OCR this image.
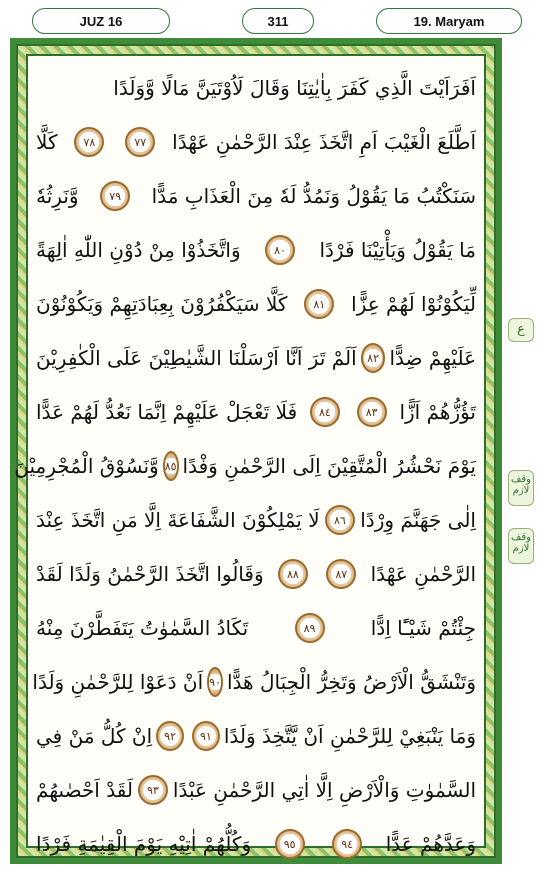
JUZ 16	311	19. Maryam
اَفَرَاَيْتَ الَّذِي كَفَرَ بِاٰيٰتِنَا وَقَالَ لَاُوْتَيَنَّ مَالًا وَّوَلَدًا
اَطَّلَعَ الْغَيْبَ اَمِ اتَّخَذَ عِنْدَ الرَّحْمٰنِ عَهْدًا
٧٧
٧٨
كَلَّا
سَنَكْتُبُ مَا يَقُوْلُ وَنَمُدُّ لَهٗ مِنَ الْعَذَابِ مَدًّا
٧٩
وَّنَرِثُهٗ
مَا يَقُوْلُ وَيَأْتِيْنَا فَرْدًا
٨٠
وَاتَّخَذُوْا مِنْ دُوْنِ اللّٰهِ اٰلِهَةً
لِّيَكُوْنُوْا لَهُمْ عِزًّا
٨١
كَلَّا سَيَكْفُرُوْنَ بِعِبَادَتِهِمْ وَيَكُوْنُوْنَ
عَلَيْهِمْ ضِدًّا
٨٢
اَلَمْ تَرَ اَنَّا اَرْسَلْنَا الشَّيٰطِيْنَ عَلَى الْكٰفِرِيْنَ
تَؤُزُّهُمْ اَزًّا
٨٣
٨٤
فَلَا تَعْجَلْ عَلَيْهِمْ اِنَّمَا نَعُدُّ لَهُمْ عَدًّا
يَوْمَ نَحْشُرُ الْمُتَّقِيْنَ اِلَى الرَّحْمٰنِ وَفْدًا
٨٥
وَّنَسُوْقُ الْمُجْرِمِيْنَ
اِلٰى جَهَنَّمَ وِرْدًا
٨٦
لَا يَمْلِكُوْنَ الشَّفَاعَةَ اِلَّا مَنِ اتَّخَذَ عِنْدَ
الرَّحْمٰنِ عَهْدًا
٨٧
٨٨
وَقَالُوا اتَّخَذَ الرَّحْمٰنُ وَلَدًا لَقَدْ
جِئْتُمْ شَيْـًٔا اِدًّا
٨٩
تَكَادُ السَّمٰوٰتُ يَتَفَطَّرْنَ مِنْهُ
وَتَنْشَقُّ الْاَرْضُ وَتَخِرُّ الْجِبَالُ هَدًّا
٩٠
اَنْ دَعَوْا لِلرَّحْمٰنِ وَلَدًا
وَمَا يَنْبَغِيْ لِلرَّحْمٰنِ اَنْ يَّتَّخِذَ وَلَدًا
٩١
٩٢
اِنْ كُلُّ مَنْ فِي
السَّمٰوٰتِ وَالْاَرْضِ اِلَّا اٰتِي الرَّحْمٰنِ عَبْدًا
٩٣
لَقَدْ اَحْصٰىهُمْ
وَعَدَّهُمْ عَدًّا
٩٤
٩٥
وَكُلُّهُمْ اٰتِيْهِ يَوْمَ الْقِيٰمَةِ فَرْدًا
ع
وقف لازم
وقف لازم
